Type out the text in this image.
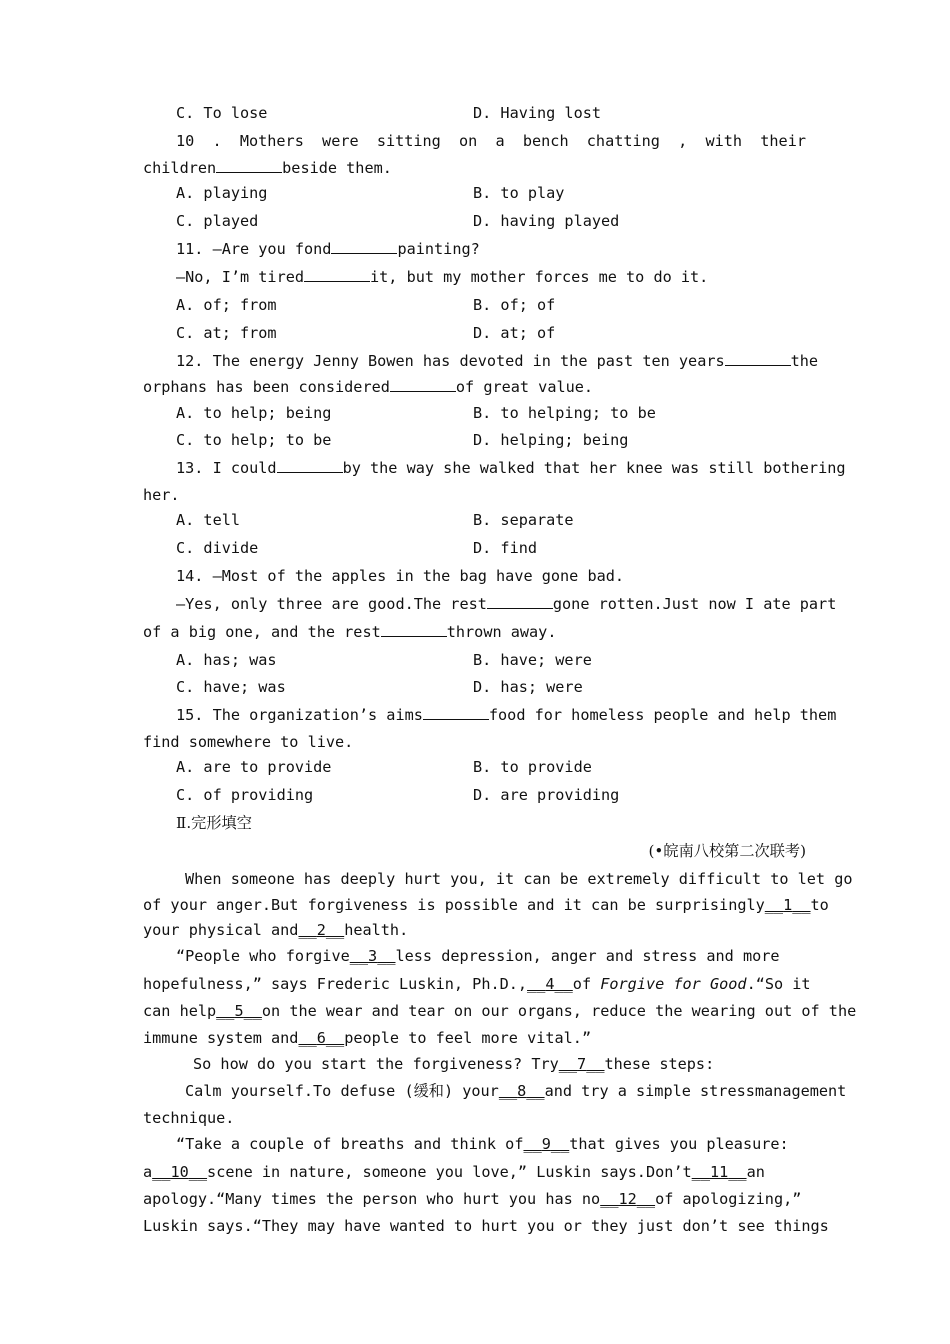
C. To lose	D. Having lost
10 . Mothers were sitting on a bench chatting , with their
children	beside them.
A. playing	B. to play
C. played	D. having played
11. —Are you fond	painting?
—No, I’m tired	it, but my mother forces me to do it.
A. of; from	B. of; of
C. at; from	D. at; of
12. The energy Jenny Bowen has devoted in the past ten years	the
orphans has been considered	of great value.
A. to help; being	B. to helping; to be
C. to help; to be	D. helping; being
13. I could	by the way she walked that her knee was still bothering
her.
A. tell	B. separate
C. divide	D. find
14. —Most of the apples in the bag have gone bad.
—Yes, only three are good.The rest	gone rotten.Just now I ate part
of a big one, and the rest	thrown away.
A. has; was	B. have; were
C. have; was	D. has; were
15. The organization’s aims	food for homeless people and help them
find somewhere to live.
A. are to provide	B. to provide
C. of providing	D. are providing
Ⅱ.完形填空
(•皖南八校第二次联考)
When someone has deeply hurt you, it can be extremely difficult to let go
of your anger.But forgiveness is possible and it can be surprisingly__1__to
your physical and__2__health.
“People who forgive__3__less depression, anger and stress and more
hopefulness,” says Frederic Luskin, Ph.D.,__4__of Forgive for Good.“So it
can help__5__on the wear and tear on our organs, reduce the wearing out of the
immune system and__6__people to feel more vital.”
So how do you start the forgiveness? Try__7__these steps:
Calm yourself.To defuse (缓和) your__8__and try a simple stressmanagement
technique.
“Take a couple of breaths and think of__9__that gives you pleasure:
a__10__scene in nature, someone you love,” Luskin says.Don’t__11__an
apology.“Many times the person who hurt you has no__12__of apologizing,”
Luskin says.“They may have wanted to hurt you or they just don’t see things
